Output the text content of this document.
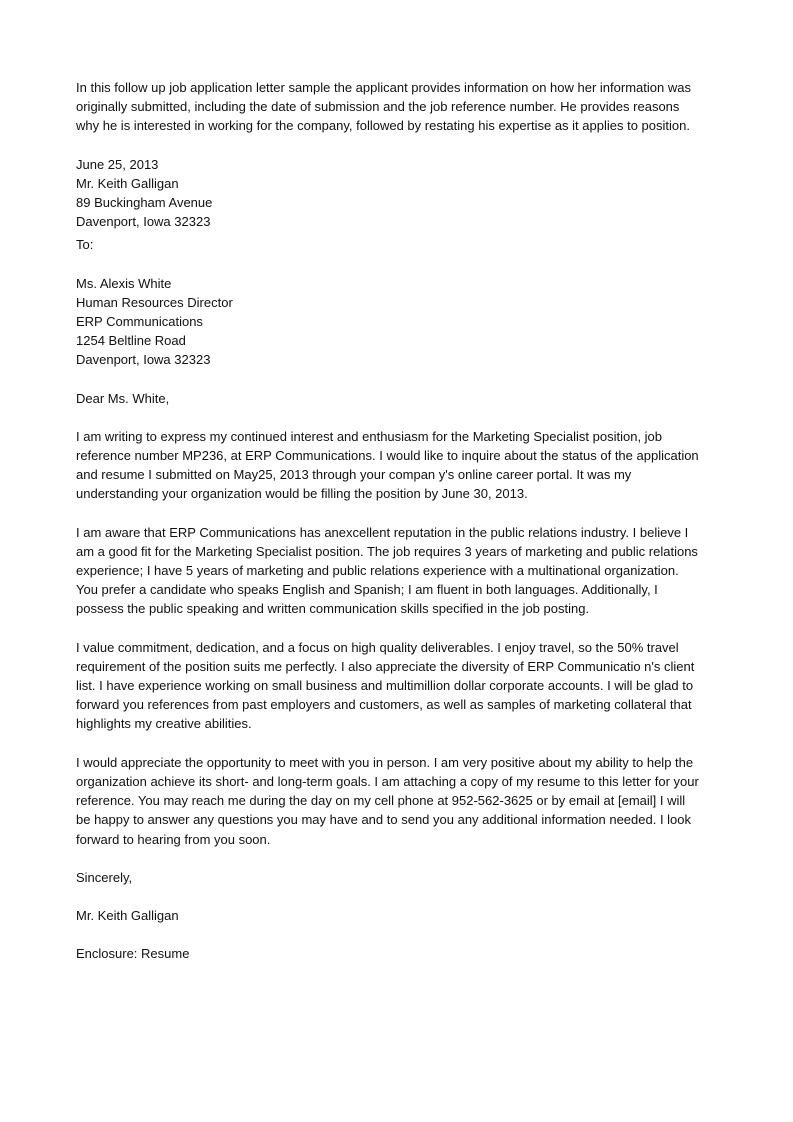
In this follow up job application letter sample the applicant provides information on how her information was
originally submitted, including the date of submission and the job reference number. He provides reasons
why he is interested in working for the company, followed by restating his expertise as it applies to position.
June 25, 2013
Mr. Keith Galligan
89 Buckingham Avenue
Davenport, Iowa 32323
To:
Ms. Alexis White
Human Resources Director
ERP Communications
1254 Beltline Road
Davenport, Iowa 32323
Dear Ms. White,
I am writing to express my continued interest and enthusiasm for the Marketing Specialist position, job
reference number MP236, at ERP Communications. I would like to inquire about the status of the application
and resume I submitted on May25, 2013 through your compan y's online career portal. It was my
understanding your organization would be filling the position by June 30, 2013.
I am aware that ERP Communications has anexcellent reputation in the public relations industry. I believe I
am a good fit for the Marketing Specialist position. The job requires 3 years of marketing and public relations
experience; I have 5 years of marketing and public relations experience with a multinational organization.
You prefer a candidate who speaks English and Spanish; I am fluent in both languages. Additionally, I
possess the public speaking and written communication skills specified in the job posting.
I value commitment, dedication, and a focus on high quality deliverables. I enjoy travel, so the 50% travel
requirement of the position suits me perfectly. I also appreciate the diversity of ERP Communicatio n's client
list. I have experience working on small business and multimillion dollar corporate accounts. I will be glad to
forward you references from past employers and customers, as well as samples of marketing collateral that
highlights my creative abilities.
I would appreciate the opportunity to meet with you in person. I am very positive about my ability to help the
organization achieve its short- and long-term goals. I am attaching a copy of my resume to this letter for your
reference. You may reach me during the day on my cell phone at 952-562-3625 or by email at [email] I will
be happy to answer any questions you may have and to send you any additional information needed. I look
forward to hearing from you soon.
Sincerely,
Mr. Keith Galligan
Enclosure: Resume
